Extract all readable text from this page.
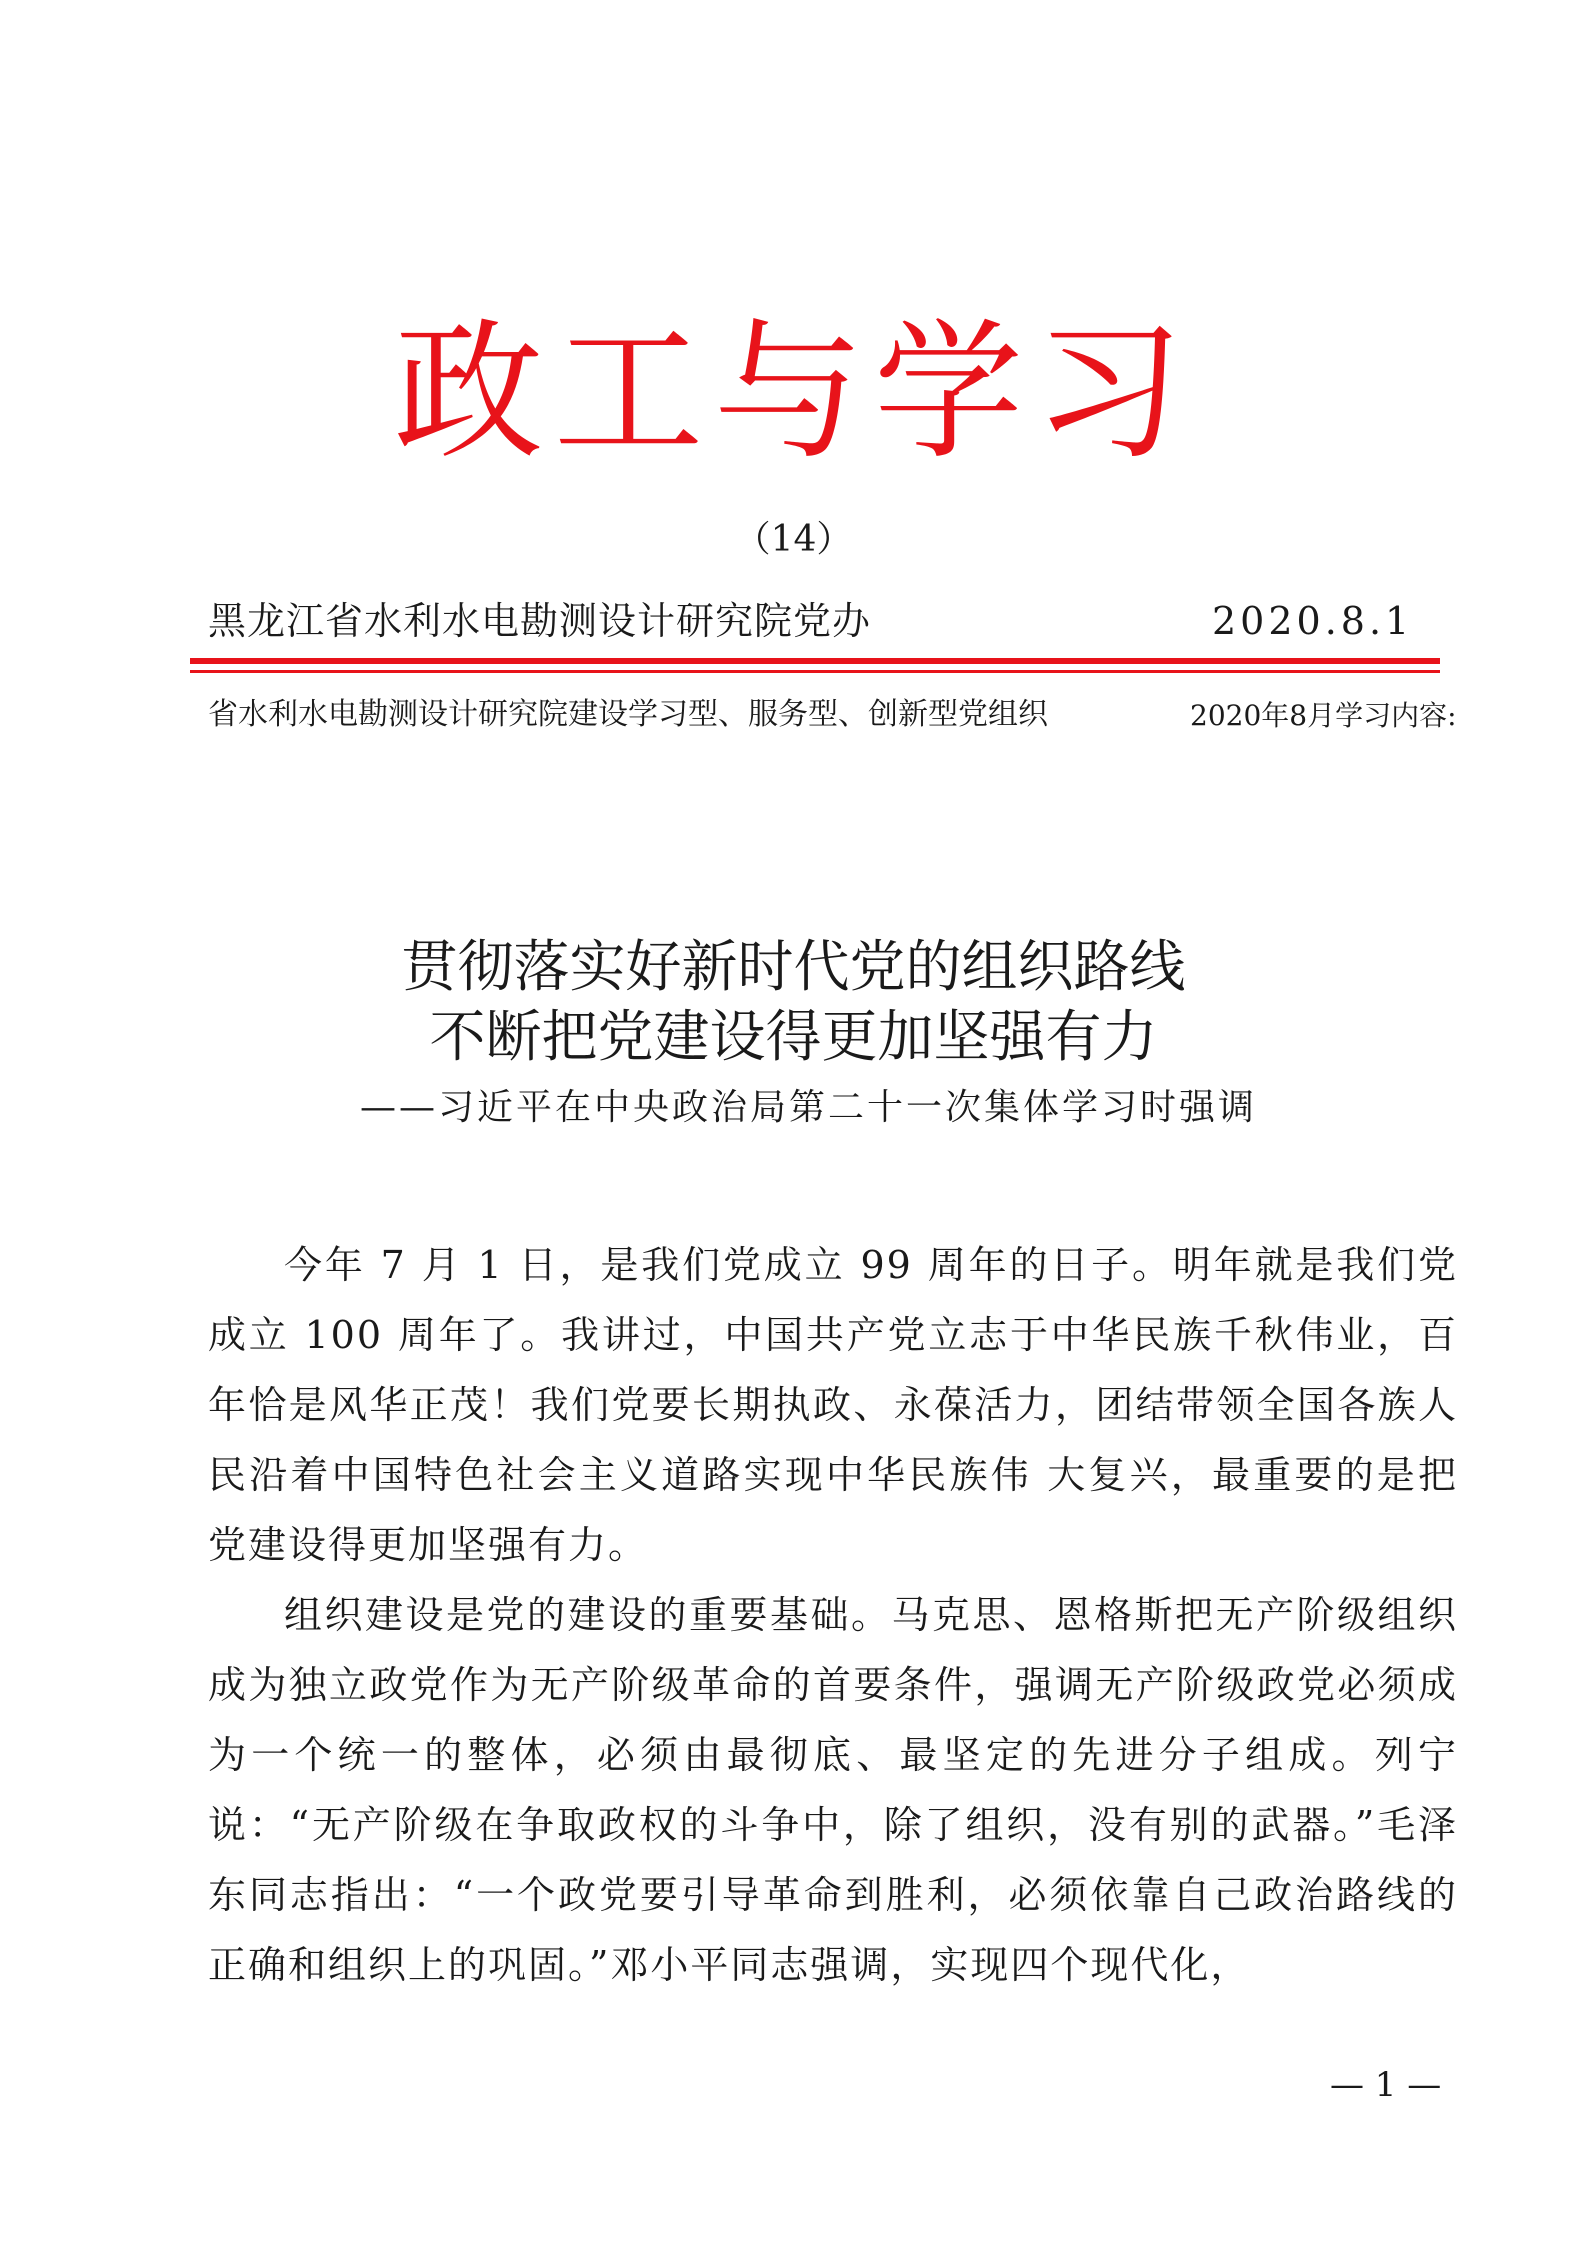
政工与学习
（14）
黑龙江省水利水电勘测设计研究院党办	2020.8.1
省水利水电勘测设计研究院建设学习型、服务型、创新型党组织	2020年8月学习内容:
贯彻落实好新时代党的组织路线
不断把党建设得更加坚强有力
——习近平在中央政治局第二十一次集体学习时强调

今年 7 月 1 日，是我们党成立 99 周年的日子。明年就是我们党成立 100 周年了。我讲过，中国共产党立志于中华民族千秋伟业，百年恰是风华正茂！我们党要长期执政、永葆活力，团结带领全国各族人民沿着中国特色社会主义道路实现中华民族伟 大复兴，最重要的是把党建设得更加坚强有力。

组织建设是党的建设的重要基础。马克思、恩格斯把无产阶级组织成为独立政党作为无产阶级革命的首要条件，强调无产阶级政党必须成为一个统一的整体，必须由最彻底、最坚定的先进分子组成。列宁说：“无产阶级在争取政权的斗争中，除了组织，没有别的武器。”毛泽东同志指出：“一个政党要引导革命到胜利，必须依靠自己政治路线的正确和组织上的巩固。”邓小平同志强调，实现四个现代化，

— 1 —
